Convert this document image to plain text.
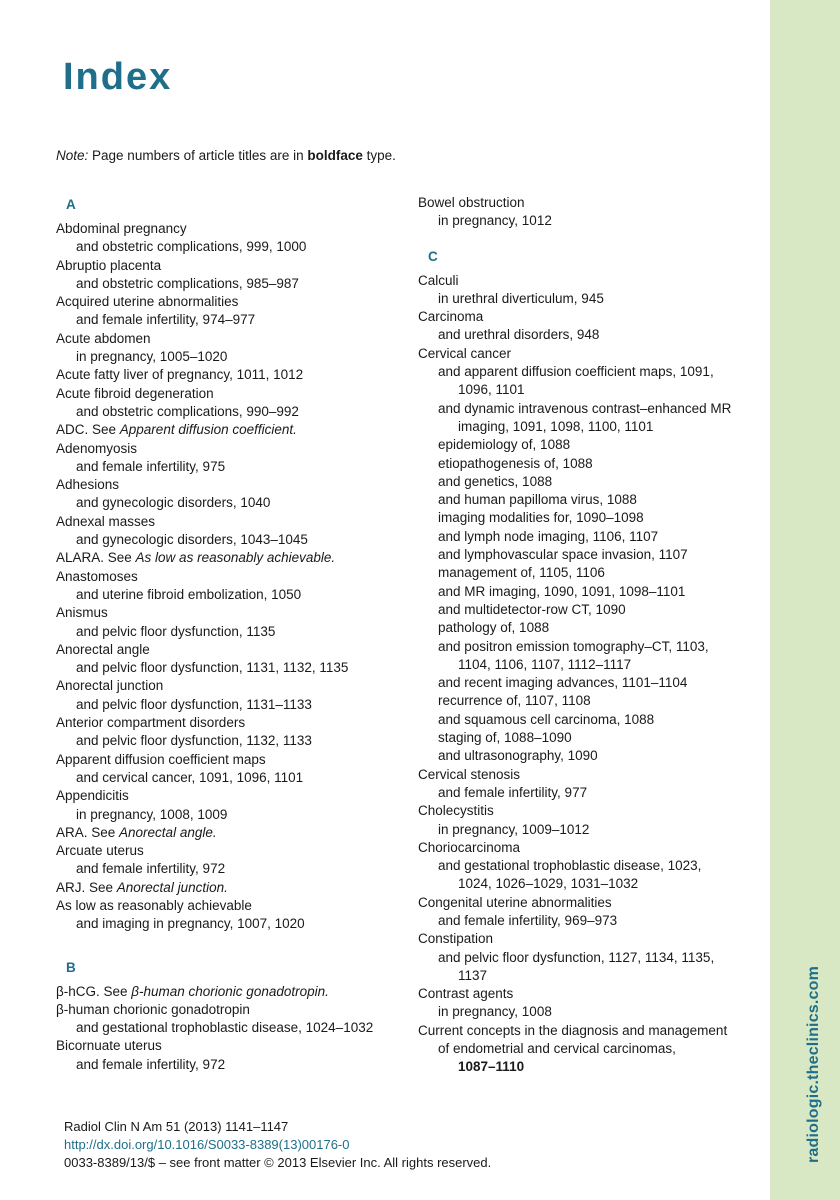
radiologic.theclinics.com
Index
Note: Page numbers of article titles are in boldface type.
A
Abdominal pregnancy
and obstetric complications, 999, 1000
Abruptio placenta
and obstetric complications, 985–987
Acquired uterine abnormalities
and female infertility, 974–977
Acute abdomen
in pregnancy, 1005–1020
Acute fatty liver of pregnancy, 1011, 1012
Acute fibroid degeneration
and obstetric complications, 990–992
ADC. See Apparent diffusion coefficient.
Adenomyosis
and female infertility, 975
Adhesions
and gynecologic disorders, 1040
Adnexal masses
and gynecologic disorders, 1043–1045
ALARA. See As low as reasonably achievable.
Anastomoses
and uterine fibroid embolization, 1050
Anismus
and pelvic floor dysfunction, 1135
Anorectal angle
and pelvic floor dysfunction, 1131, 1132, 1135
Anorectal junction
and pelvic floor dysfunction, 1131–1133
Anterior compartment disorders
and pelvic floor dysfunction, 1132, 1133
Apparent diffusion coefficient maps
and cervical cancer, 1091, 1096, 1101
Appendicitis
in pregnancy, 1008, 1009
ARA. See Anorectal angle.
Arcuate uterus
and female infertility, 972
ARJ. See Anorectal junction.
As low as reasonably achievable
and imaging in pregnancy, 1007, 1020
B
β-hCG. See β-human chorionic gonadotropin.
β-human chorionic gonadotropin
and gestational trophoblastic disease, 1024–1032
Bicornuate uterus
and female infertility, 972
Bowel obstruction
in pregnancy, 1012
C
Calculi
in urethral diverticulum, 945
Carcinoma
and urethral disorders, 948
Cervical cancer
and apparent diffusion coefficient maps, 1091,
1096, 1101
and dynamic intravenous contrast–enhanced MR
imaging, 1091, 1098, 1100, 1101
epidemiology of, 1088
etiopathogenesis of, 1088
and genetics, 1088
and human papilloma virus, 1088
imaging modalities for, 1090–1098
and lymph node imaging, 1106, 1107
and lymphovascular space invasion, 1107
management of, 1105, 1106
and MR imaging, 1090, 1091, 1098–1101
and multidetector-row CT, 1090
pathology of, 1088
and positron emission tomography–CT, 1103,
1104, 1106, 1107, 1112–1117
and recent imaging advances, 1101–1104
recurrence of, 1107, 1108
and squamous cell carcinoma, 1088
staging of, 1088–1090
and ultrasonography, 1090
Cervical stenosis
and female infertility, 977
Cholecystitis
in pregnancy, 1009–1012
Choriocarcinoma
and gestational trophoblastic disease, 1023,
1024, 1026–1029, 1031–1032
Congenital uterine abnormalities
and female infertility, 969–973
Constipation
and pelvic floor dysfunction, 1127, 1134, 1135,
1137
Contrast agents
in pregnancy, 1008
Current concepts in the diagnosis and management
of endometrial and cervical carcinomas,
1087–1110
Radiol Clin N Am 51 (2013) 1141–1147
http://dx.doi.org/10.1016/S0033-8389(13)00176-0
0033-8389/13/$ – see front matter © 2013 Elsevier Inc. All rights reserved.
